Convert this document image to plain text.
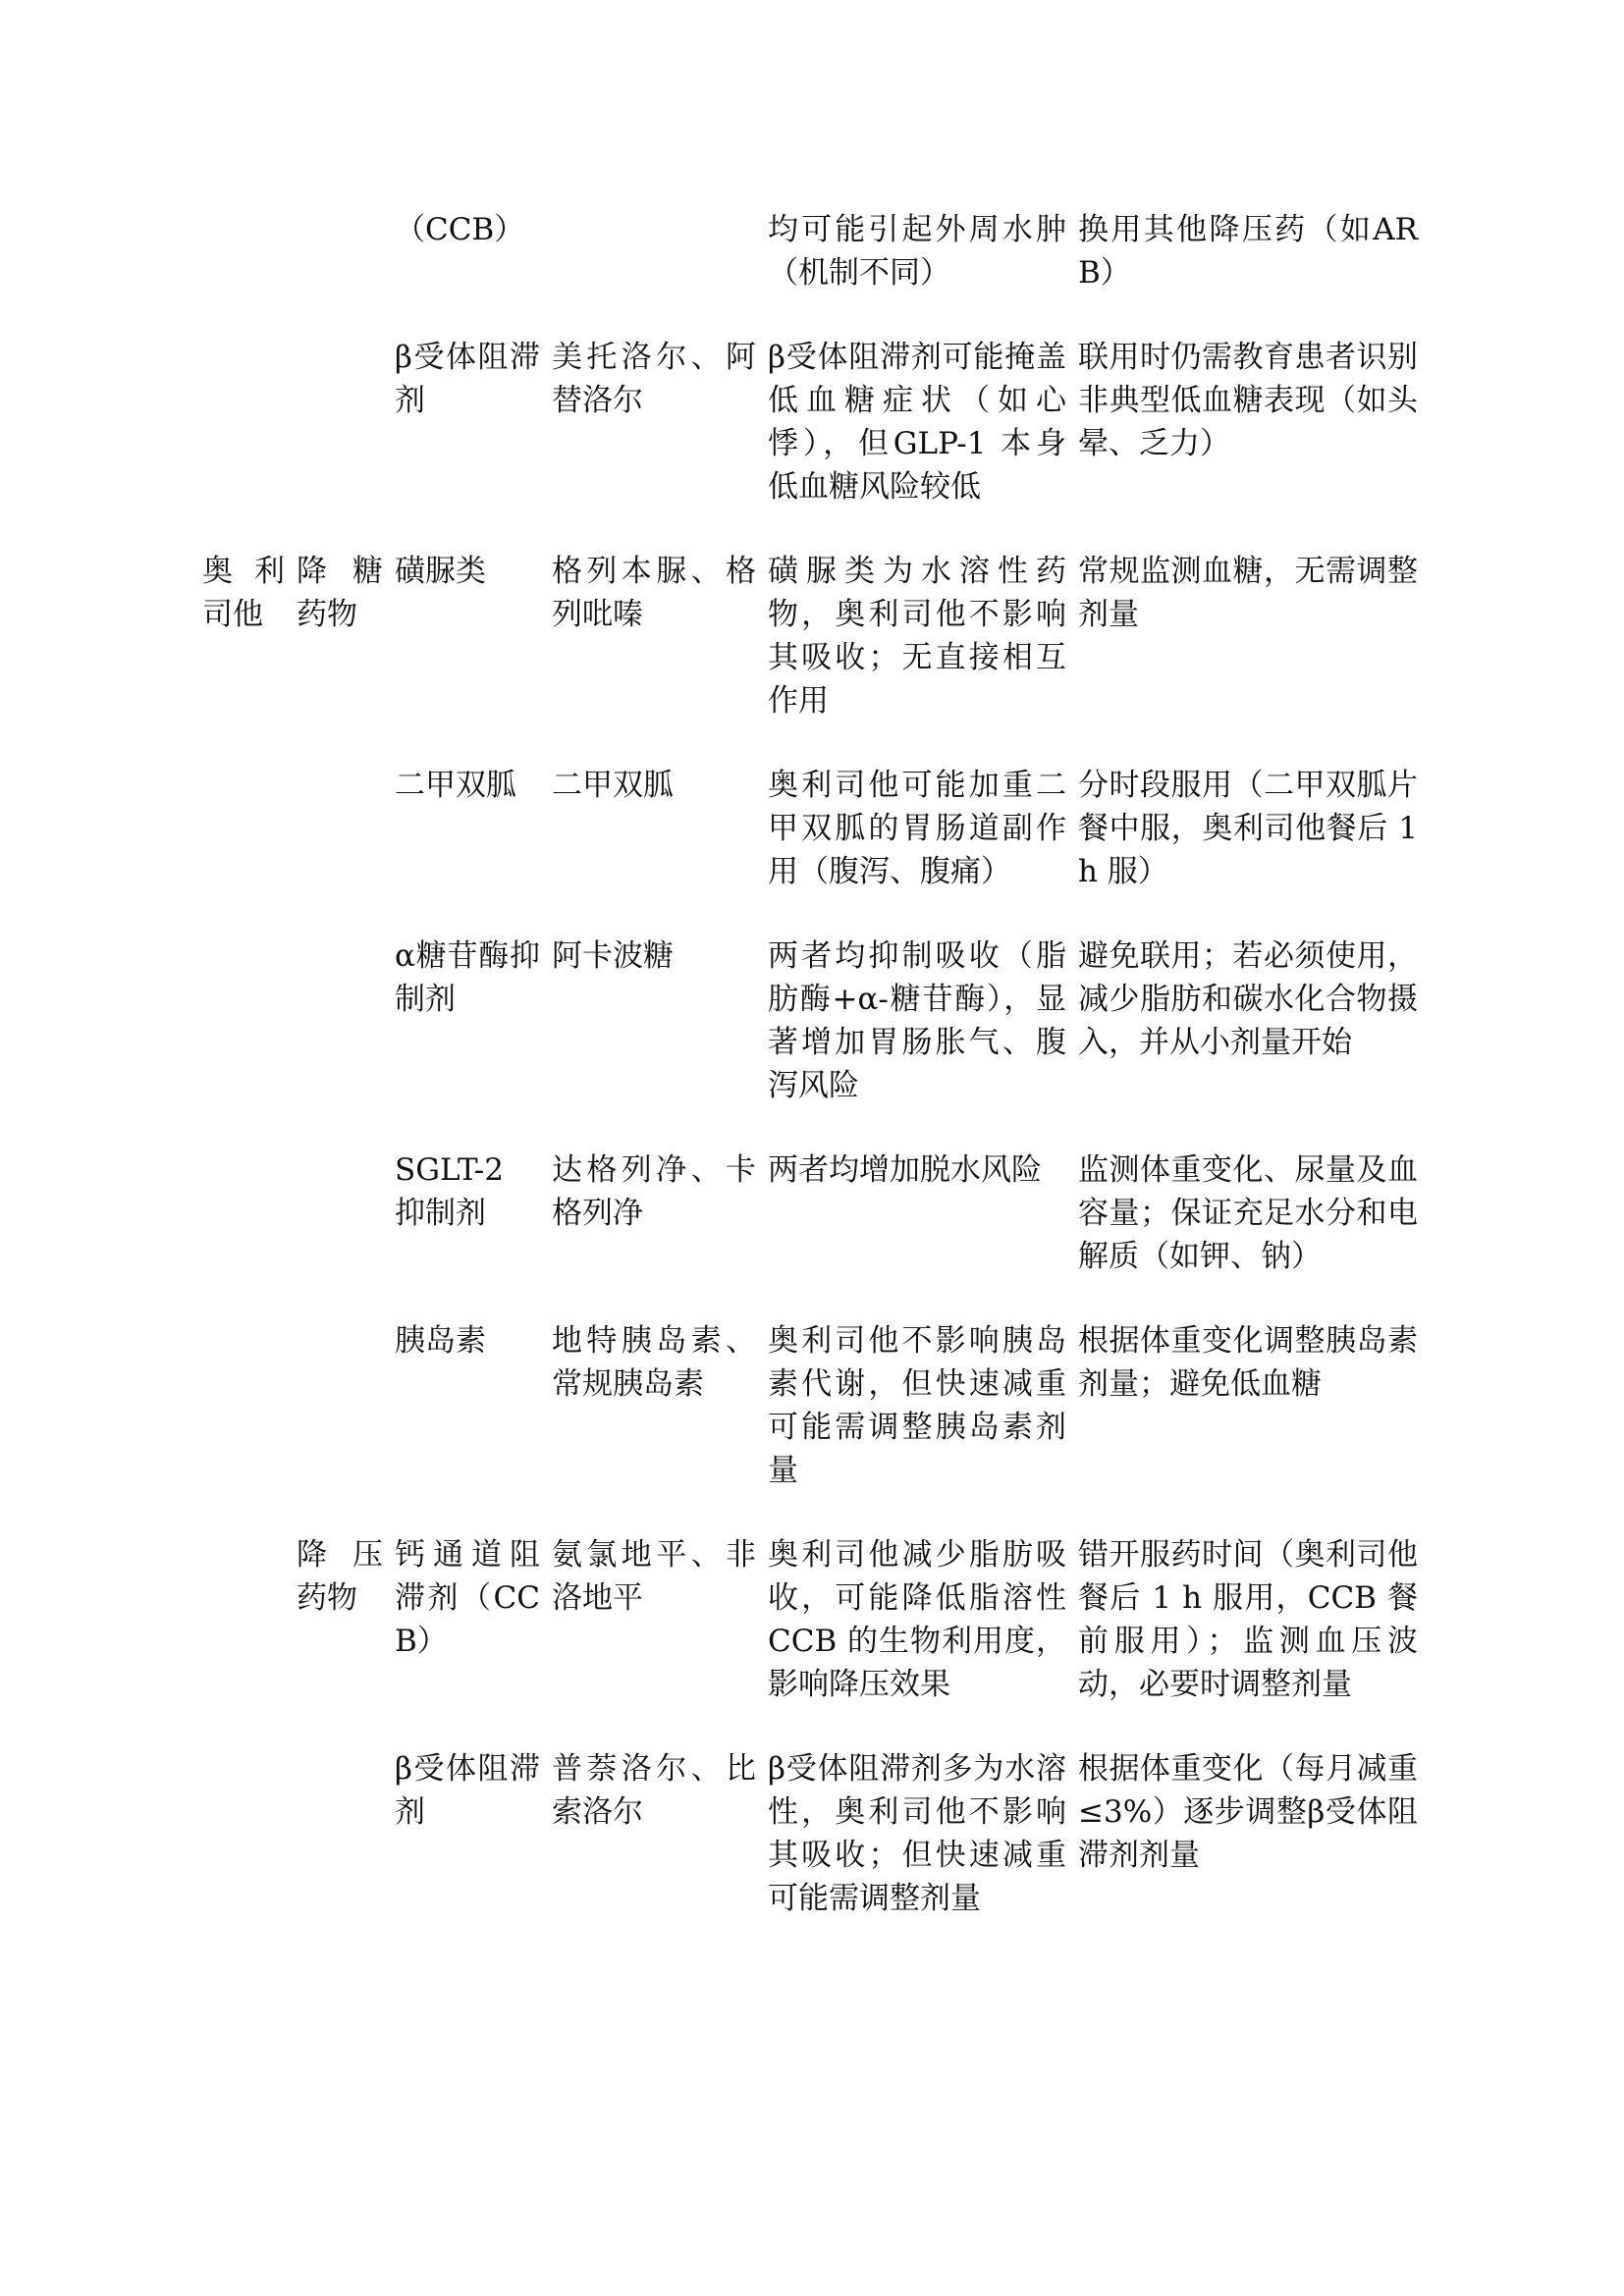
		（CCB）		均可能引起外周水肿（机制不同）	换用其他降压药（如ARB）
		β受体阻滞剂	美托洛尔、阿替洛尔	β受体阻滞剂可能掩盖低血糖症状（如心悸），但GLP-1 本身低血糖风险较低	联用时仍需教育患者识别非典型低血糖表现（如头晕、乏力）
奥利司他	降糖药物	磺脲类	格列本脲、格列吡嗪	磺脲类为水溶性药物，奥利司他不影响其吸收；无直接相互作用	常规监测血糖，无需调整剂量
		二甲双胍	二甲双胍	奥利司他可能加重二甲双胍的胃肠道副作用（腹泻、腹痛）	分时段服用（二甲双胍片餐中服，奥利司他餐后 1 h 服）
		α糖苷酶抑制剂	阿卡波糖	两者均抑制吸收（脂肪酶+α-糖苷酶），显著增加胃肠胀气、腹泻风险	避免联用；若必须使用，减少脂肪和碳水化合物摄入，并从小剂量开始
		SGLT-2 抑制剂	达格列净、卡格列净	两者均增加脱水风险	监测体重变化、尿量及血容量；保证充足水分和电解质（如钾、钠）
		胰岛素	地特胰岛素、常规胰岛素	奥利司他不影响胰岛素代谢，但快速减重可能需调整胰岛素剂量	根据体重变化调整胰岛素剂量；避免低血糖
	降压药物	钙通道阻滞剂（CCB）	氨氯地平、非洛地平	奥利司他减少脂肪吸收，可能降低脂溶性 CCB 的生物利用度，影响降压效果	错开服药时间（奥利司他餐后 1 h 服用，CCB 餐前服用）；监测血压波动，必要时调整剂量
		β受体阻滞剂	普萘洛尔、比索洛尔	β受体阻滞剂多为水溶性，奥利司他不影响其吸收；但快速减重可能需调整剂量	根据体重变化（每月减重≤3%）逐步调整β受体阻滞剂剂量
